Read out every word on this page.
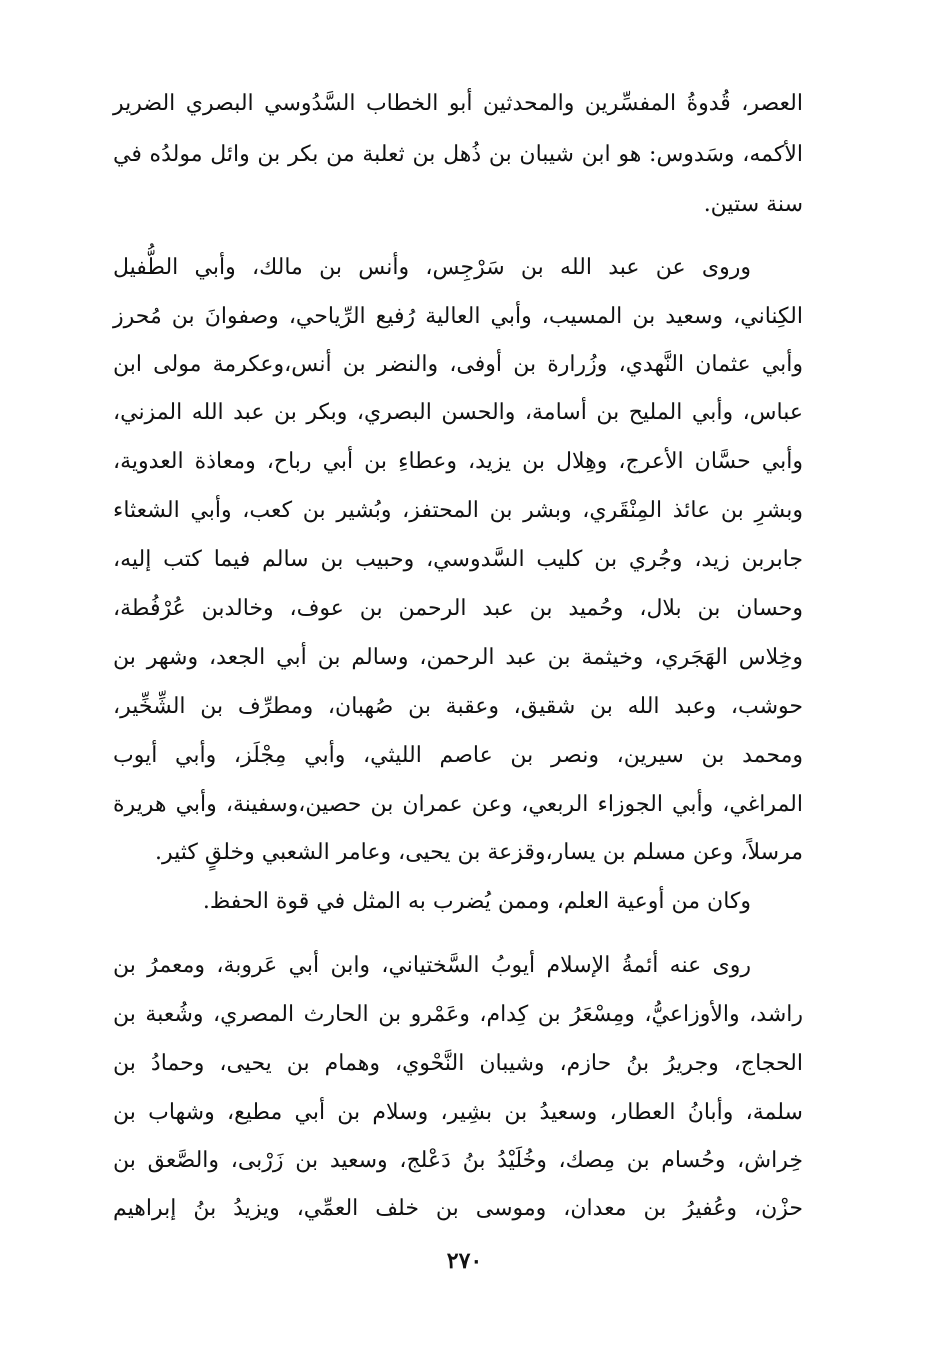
العصر، قُدوةُ المفسِّرين والمحدثين أبو الخطاب السَّدُوسي البصري الضرير
الأكمه، وسَدوس: هو ابن شيبان بن ذُهل بن ثعلبة من بكر بن وائل مولدُه في
سنة ستين.
وروى عن عبد الله بن سَرْجِس، وأنس بن مالك، وأبي الطُّفيل
الكِناني، وسعيد بن المسيب، وأبي العالية رُفيع الرِّياحي، وصفوانَ بن مُحرز
وأبي عثمان النَّهدي، وزُرارة بن أوفى، والنضر بن أنس،وعكرمة مولى ابن
عباس، وأبي المليح بن أسامة، والحسن البصري، وبكر بن عبد الله المزني،
وأبي حسَّان الأعرج، وهِلال بن يزيد، وعطاءِ بن أبي رباح، ومعاذة العدوية،
وبشرِ بن عائذ المِنْقَري، وبشر بن المحتفز، وبُشير بن كعب، وأبي الشعثاء
جابربن زيد، وجُري بن كليب السَّدوسي، وحبيب بن سالم فيما كتب إليه،
وحسان بن بلال، وحُميد بن عبد الرحمن بن عوف، وخالدبن عُرْفُطة،
وخِلاس الهَجَري، وخيثمة بن عبد الرحمن، وسالم بن أبي الجعد، وشهر بن
حوشب، وعبد الله بن شقيق، وعقبة بن صُهبان، ومطرِّف بن الشِّخِّير،
ومحمد بن سيرين، ونصر بن عاصم الليثي، وأبي مِجْلَز، وأبي أيوب
المراغي، وأبي الجوزاء الربعي، وعن عمران بن حصين،وسفينة، وأبي هريرة
مرسلاً، وعن مسلم بن يسار،وقزعة بن يحيى، وعامر الشعبي وخلقٍ كثير.
وكان من أوعية العلم، وممن يُضرب به المثل في قوة الحفظ.
روى عنه أئمةُ الإسلام أيوبُ السَّختياني، وابن أبي عَروبة، ومعمرُ بن
راشد، والأوزاعيُّ، ومِسْعَرُ بن كِدام، وعَمْرو بن الحارث المصري، وشُعبة بن
الحجاج، وجريرُ بنُ حازم، وشيبان النَّحْوي، وهمام بن يحيى، وحمادُ بن
سلمة، وأبانُ العطار، وسعيدُ بن بشِير، وسلام بن أبي مطيع، وشهاب بن
خِراش، وحُسام بن مِصك، وخُلَيْدُ بنُ دَعْلج، وسعيد بن زَرْبى، والصَّعق بن
حزْن، وعُفيرُ بن معدان، وموسى بن خلف العمِّي، ويزيدُ بنُ إبراهيم
٢٧٠
